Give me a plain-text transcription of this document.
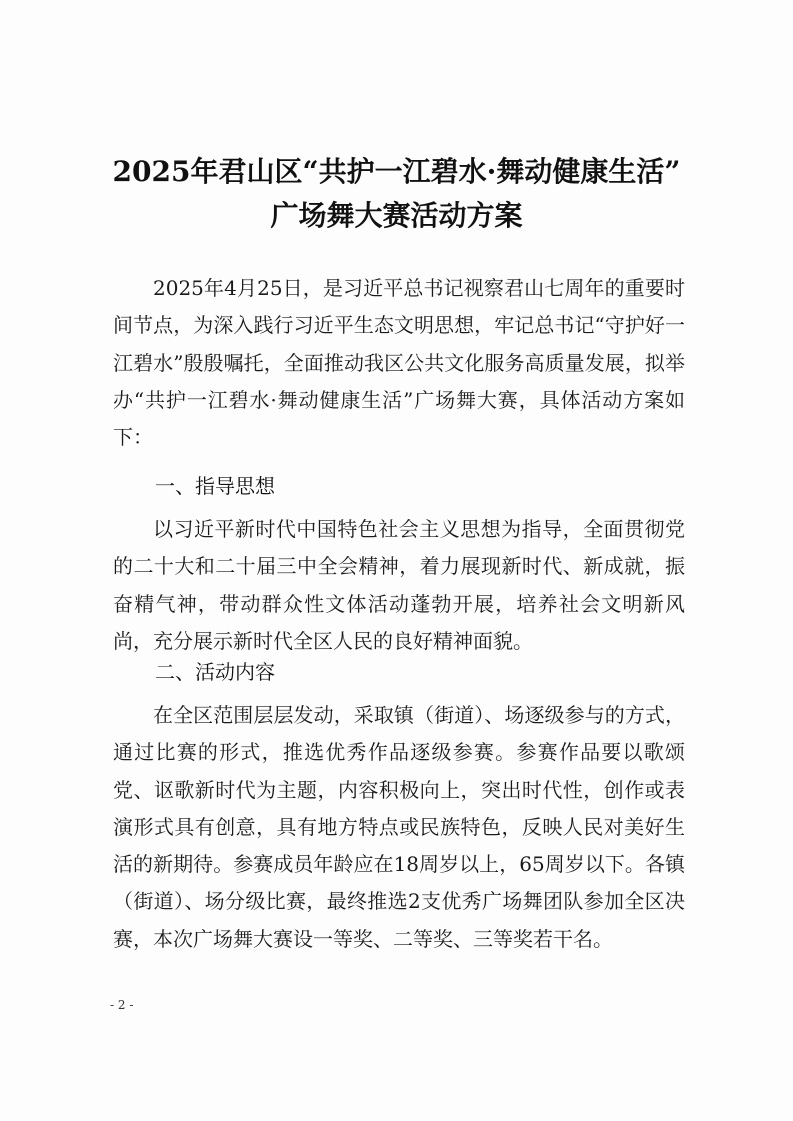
2025年君山区“共护一江碧水·舞动健康生活”
广场舞大赛活动方案

2025年4月25日，是习近平总书记视察君山七周年的重要时间节点，为深入践行习近平生态文明思想，牢记总书记“守护好一江碧水”殷殷嘱托，全面推动我区公共文化服务高质量发展，拟举办“共护一江碧水·舞动健康生活”广场舞大赛，具体活动方案如下：

一、指导思想

以习近平新时代中国特色社会主义思想为指导，全面贯彻党的二十大和二十届三中全会精神，着力展现新时代、新成就，振奋精气神，带动群众性文体活动蓬勃开展，培养社会文明新风尚，充分展示新时代全区人民的良好精神面貌。

二、活动内容

在全区范围层层发动，采取镇（街道）、场逐级参与的方式，通过比赛的形式，推选优秀作品逐级参赛。参赛作品要以歌颂党、讴歌新时代为主题，内容积极向上，突出时代性，创作或表演形式具有创意，具有地方特点或民族特色，反映人民对美好生活的新期待。参赛成员年龄应在18周岁以上，65周岁以下。各镇（街道）、场分级比赛，最终推选2支优秀广场舞团队参加全区决赛，本次广场舞大赛设一等奖、二等奖、三等奖若干名。

- 2 -
